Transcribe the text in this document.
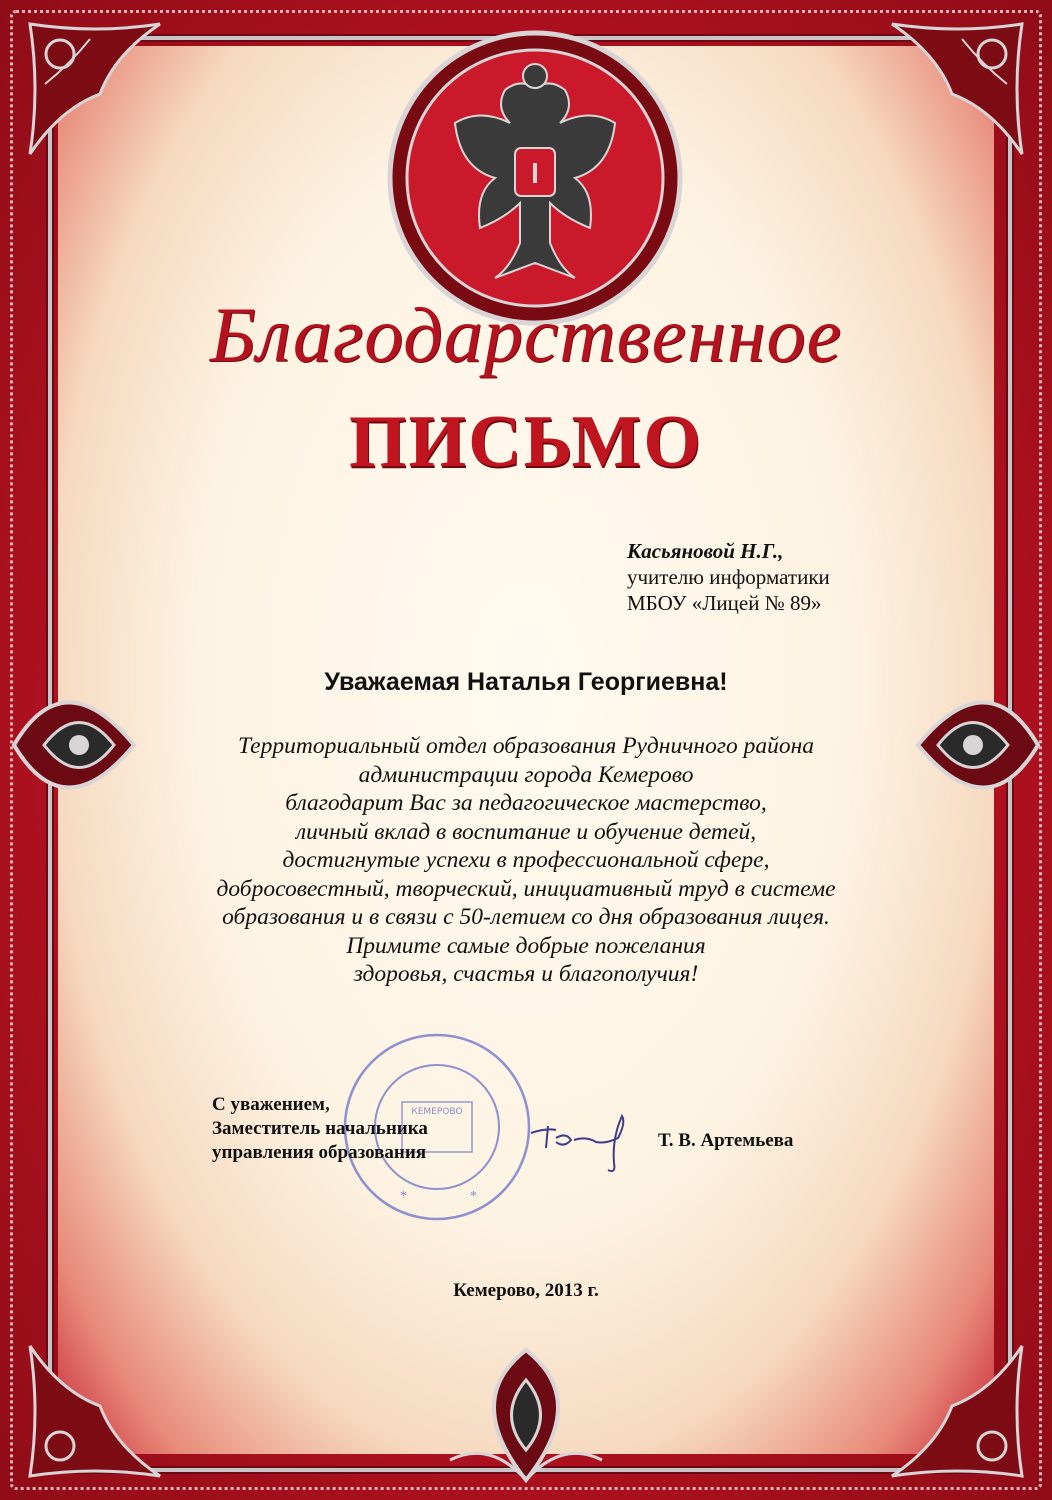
Благодарственное
ПИСЬМО
Касьяновой Н.Г.,
учителю информатики
МБОУ «Лицей № 89»
Уважаемая Наталья Георгиевна!
Территориальный отдел образования Рудничного района
администрации города Кемерово
благодарит Вас за педагогическое мастерство,
личный вклад в воспитание и обучение детей,
достигнутые успехи в профессиональной сфере,
добросовестный, творческий, инициативный труд в системе
образования и в связи с 50-летием со дня образования лицея.
Примите самые добрые пожелания
здоровья, счастья и благополучия!
КЕМЕРОВО
*	*
С уважением,
Заместитель начальника
управления образования
Т. В. Артемьева
Кемерово, 2013 г.
